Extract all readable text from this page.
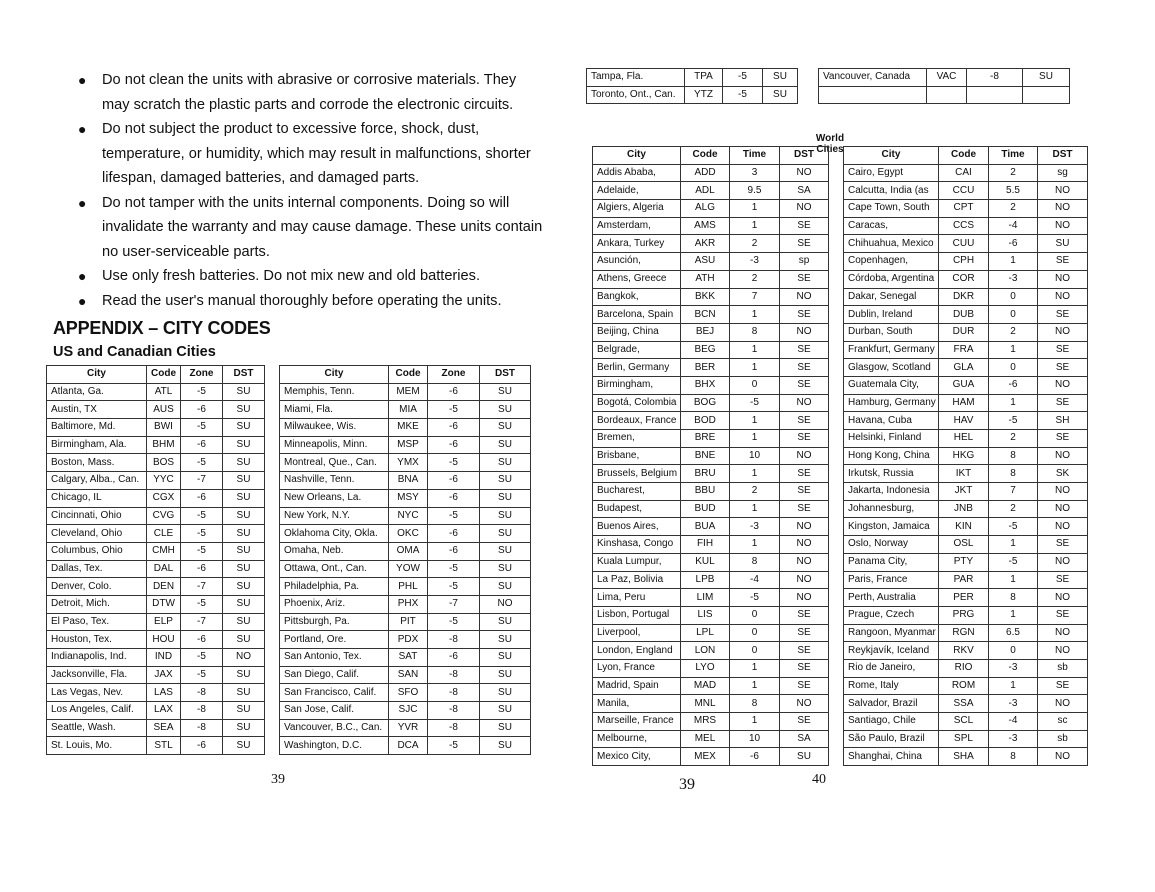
● Do not clean the units with abrasive or corrosive materials. They may scratch the plastic parts and corrode the electronic circuits.
● Do not subject the product to excessive force, shock, dust, temperature, or humidity, which may result in malfunctions, shorter lifespan, damaged batteries, and damaged parts.
● Do not tamper with the units internal components. Doing so will invalidate the warranty and may cause damage. These units contain no user-serviceable parts.
● Use only fresh batteries. Do not mix new and old batteries.
● Read the user's manual thoroughly before operating the units.
APPENDIX – CITY CODES
US and Canadian Cities
City	Code	Zone	DST
Atlanta, Ga.	ATL	-5	SU
Austin, TX	AUS	-6	SU
Baltimore, Md.	BWI	-5	SU
Birmingham, Ala.	BHM	-6	SU
Boston, Mass.	BOS	-5	SU
Calgary, Alba., Can.	YYC	-7	SU
Chicago, IL	CGX	-6	SU
Cincinnati, Ohio	CVG	-5	SU
Cleveland, Ohio	CLE	-5	SU
Columbus, Ohio	CMH	-5	SU
Dallas, Tex.	DAL	-6	SU
Denver, Colo.	DEN	-7	SU
Detroit, Mich.	DTW	-5	SU
El Paso, Tex.	ELP	-7	SU
Houston, Tex.	HOU	-6	SU
Indianapolis, Ind.	IND	-5	NO
Jacksonville, Fla.	JAX	-5	SU
Las Vegas, Nev.	LAS	-8	SU
Los Angeles, Calif.	LAX	-8	SU
Seattle, Wash.	SEA	-8	SU
St. Louis, Mo.	STL	-6	SU
City	Code	Zone	DST
Memphis, Tenn.	MEM	-6	SU
Miami, Fla.	MIA	-5	SU
Milwaukee, Wis.	MKE	-6	SU
Minneapolis, Minn.	MSP	-6	SU
Montreal, Que., Can.	YMX	-5	SU
Nashville, Tenn.	BNA	-6	SU
New Orleans, La.	MSY	-6	SU
New York, N.Y.	NYC	-5	SU
Oklahoma City, Okla.	OKC	-6	SU
Omaha, Neb.	OMA	-6	SU
Ottawa, Ont., Can.	YOW	-5	SU
Philadelphia, Pa.	PHL	-5	SU
Phoenix, Ariz.	PHX	-7	NO
Pittsburgh, Pa.	PIT	-5	SU
Portland, Ore.	PDX	-8	SU
San Antonio, Tex.	SAT	-6	SU
San Diego, Calif.	SAN	-8	SU
San Francisco, Calif.	SFO	-8	SU
San Jose, Calif.	SJC	-8	SU
Vancouver, B.C., Can.	YVR	-8	SU
Washington, D.C.	DCA	-5	SU
39
Tampa, Fla.	TPA	-5	SU
Toronto, Ont., Can.	YTZ	-5	SU
Vancouver, Canada	VAC	-8	SU

World Cities
City	Code	Time	DST
Addis Ababa,	ADD	3	NO
Adelaide,	ADL	9.5	SA
Algiers, Algeria	ALG	1	NO
Amsterdam,	AMS	1	SE
Ankara, Turkey	AKR	2	SE
Asunción,	ASU	-3	sp
Athens, Greece	ATH	2	SE
Bangkok,	BKK	7	NO
Barcelona, Spain	BCN	1	SE
Beijing, China	BEJ	8	NO
Belgrade,	BEG	1	SE
Berlin, Germany	BER	1	SE
Birmingham,	BHX	0	SE
Bogotá, Colombia	BOG	-5	NO
Bordeaux, France	BOD	1	SE
Bremen,	BRE	1	SE
Brisbane,	BNE	10	NO
Brussels, Belgium	BRU	1	SE
Bucharest,	BBU	2	SE
Budapest,	BUD	1	SE
Buenos Aires,	BUA	-3	NO
Kinshasa, Congo	FIH	1	NO
Kuala Lumpur,	KUL	8	NO
La Paz, Bolivia	LPB	-4	NO
Lima, Peru	LIM	-5	NO
Lisbon, Portugal	LIS	0	SE
Liverpool,	LPL	0	SE
London, England	LON	0	SE
Lyon, France	LYO	1	SE
Madrid, Spain	MAD	1	SE
Manila,	MNL	8	NO
Marseille, France	MRS	1	SE
Melbourne,	MEL	10	SA
Mexico City,	MEX	-6	SU
City	Code	Time	DST
Cairo, Egypt	CAI	2	sg
Calcutta, India (as	CCU	5.5	NO
Cape Town, South	CPT	2	NO
Caracas,	CCS	-4	NO
Chihuahua, Mexico	CUU	-6	SU
Copenhagen,	CPH	1	SE
Córdoba, Argentina	COR	-3	NO
Dakar, Senegal	DKR	0	NO
Dublin, Ireland	DUB	0	SE
Durban, South	DUR	2	NO
Frankfurt, Germany	FRA	1	SE
Glasgow, Scotland	GLA	0	SE
Guatemala City,	GUA	-6	NO
Hamburg, Germany	HAM	1	SE
Havana, Cuba	HAV	-5	SH
Helsinki, Finland	HEL	2	SE
Hong Kong, China	HKG	8	NO
Irkutsk, Russia	IKT	8	SK
Jakarta, Indonesia	JKT	7	NO
Johannesburg,	JNB	2	NO
Kingston, Jamaica	KIN	-5	NO
Oslo, Norway	OSL	1	SE
Panama City,	PTY	-5	NO
Paris, France	PAR	1	SE
Perth, Australia	PER	8	NO
Prague, Czech	PRG	1	SE
Rangoon, Myanmar	RGN	6.5	NO
Reykjavík, Iceland	RKV	0	NO
Rio de Janeiro,	RIO	-3	sb
Rome, Italy	ROM	1	SE
Salvador, Brazil	SSA	-3	NO
Santiago, Chile	SCL	-4	sc
São Paulo, Brazil	SPL	-3	sb
Shanghai, China	SHA	8	NO
39	40
